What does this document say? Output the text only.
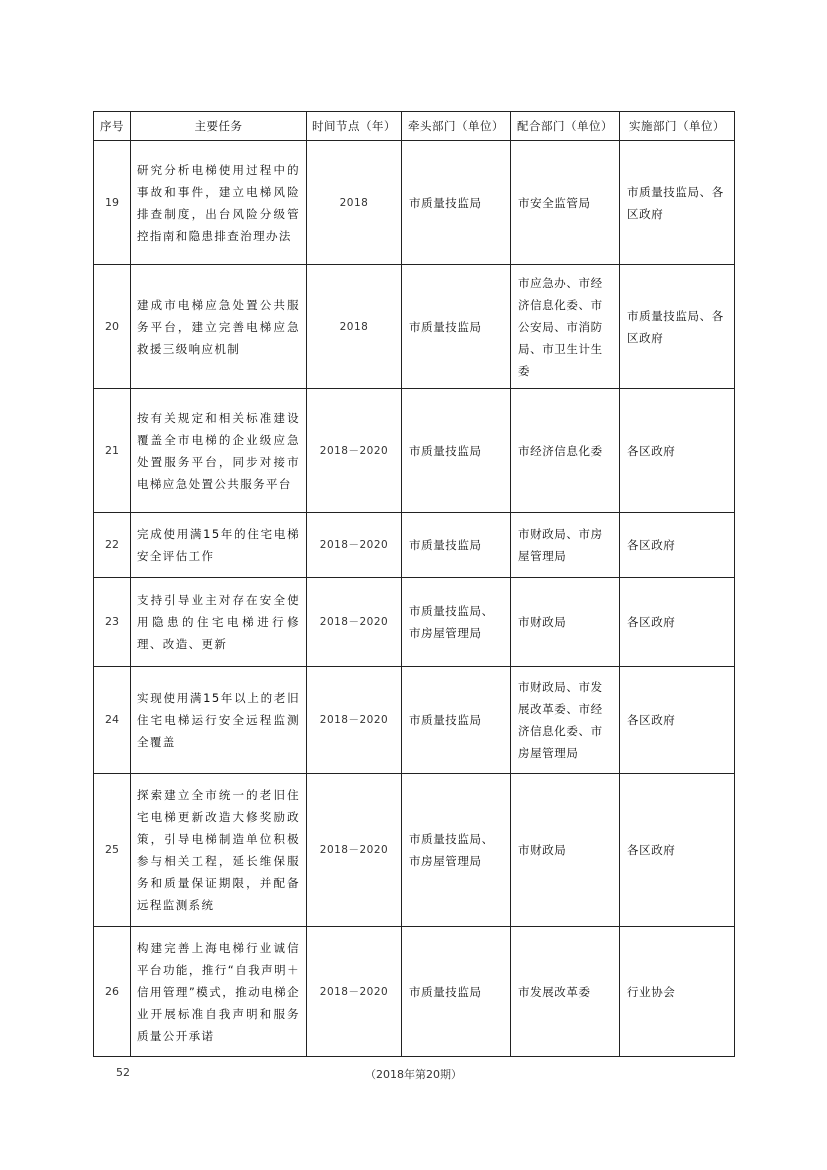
序号	主要任务	时间节点（年）	牵头部门（单位）	配合部门（单位）	实施部门（单位）
19	研究分析电梯使用过程中的事故和事件，建立电梯风险排查制度，出台风险分级管控指南和隐患排查治理办法	2018	市质量技监局	市安全监管局	市质量技监局、各区政府
20	建成市电梯应急处置公共服务平台，建立完善电梯应急救援三级响应机制	2018	市质量技监局	市应急办、市经济信息化委、市公安局、市消防局、市卫生计生委	市质量技监局、各区政府
21	按有关规定和相关标准建设覆盖全市电梯的企业级应急处置服务平台，同步对接市电梯应急处置公共服务平台	2018－2020	市质量技监局	市经济信息化委	各区政府
22	完成使用满15年的住宅电梯安全评估工作	2018－2020	市质量技监局	市财政局、市房屋管理局	各区政府
23	支持引导业主对存在安全使用隐患的住宅电梯进行修理、改造、更新	2018－2020	市质量技监局、市房屋管理局	市财政局	各区政府
24	实现使用满15年以上的老旧住宅电梯运行安全远程监测全覆盖	2018－2020	市质量技监局	市财政局、市发展改革委、市经济信息化委、市房屋管理局	各区政府
25	探索建立全市统一的老旧住宅电梯更新改造大修奖励政策，引导电梯制造单位积极参与相关工程，延长维保服务和质量保证期限，并配备远程监测系统	2018－2020	市质量技监局、市房屋管理局	市财政局	各区政府
26	构建完善上海电梯行业诚信平台功能，推行“自我声明＋信用管理”模式，推动电梯企业开展标准自我声明和服务质量公开承诺	2018－2020	市质量技监局	市发展改革委	行业协会
52	（2018年第20期）
